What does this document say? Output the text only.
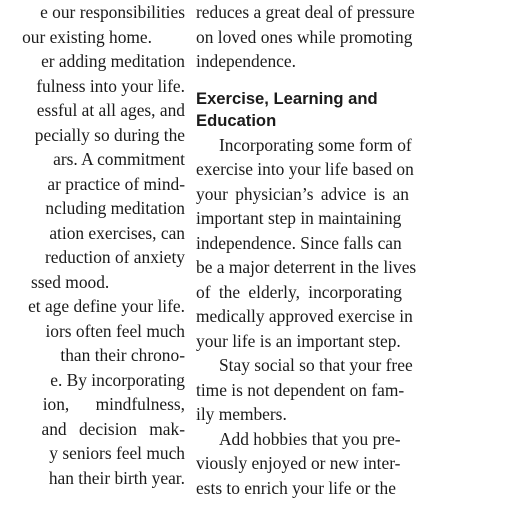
e our responsibilities
our existing home.
er adding meditation
fulness into your life.
essful at all ages, and
pecially so during the
ars. A commitment
ar practice of mind-
ncluding meditation
ation exercises, can
reduction of anxiety
ssed mood.
et age define your life.
iors often feel much
than their chrono-
e. By incorporating
ion, mindfulness,
and decision mak-
y seniors feel much
han their birth year.
reduces a great deal of pressure
on loved ones while promoting
independence.
Exercise, Learning and
Education
Incorporating some form of
exercise into your life based on
your physician’s advice is an
important step in maintaining
independence. Since falls can
be a major deterrent in the lives
of the elderly, incorporating
medically approved exercise in
your life is an important step.
Stay social so that your free
time is not dependent on fam-
ily members.
Add hobbies that you pre-
viously enjoyed or new inter-
ests to enrich your life or the
